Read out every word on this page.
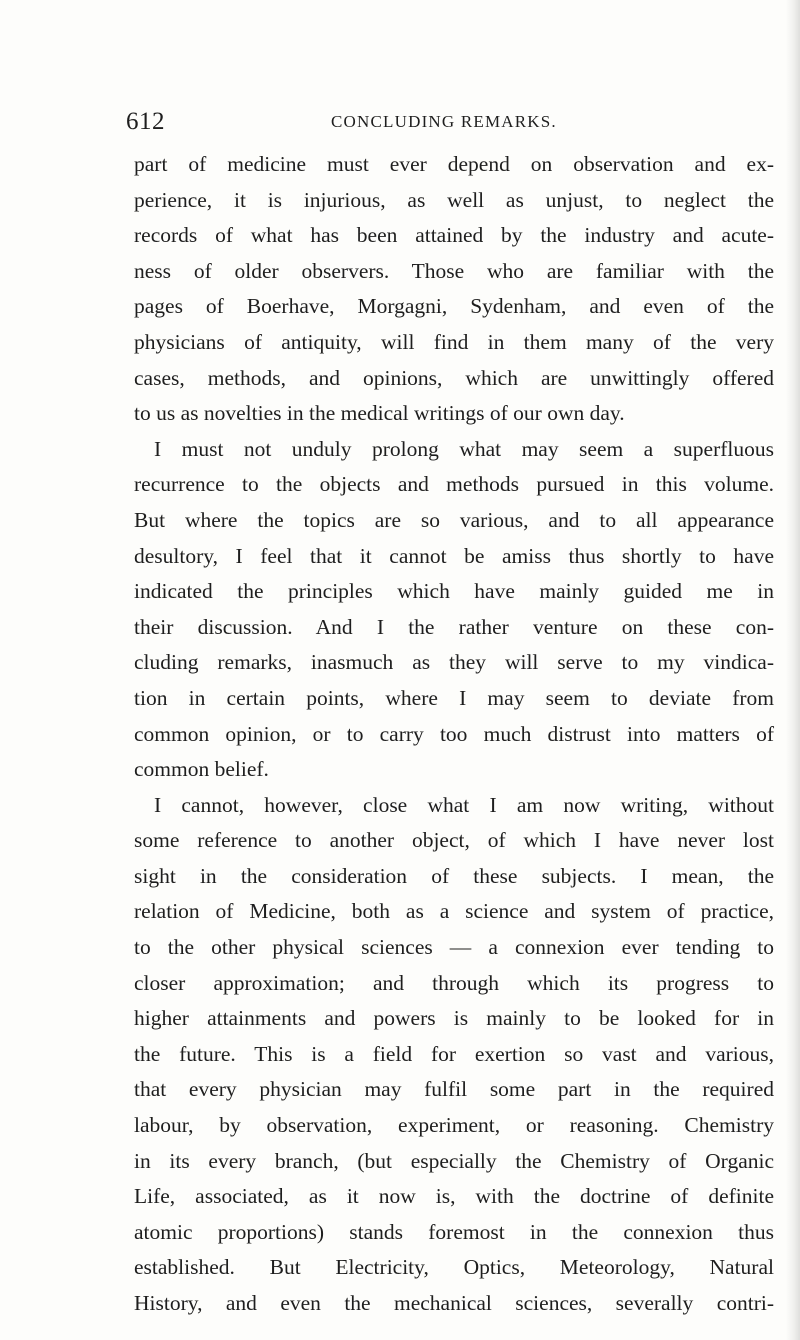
612	CONCLUDING REMARKS.
part of medicine must ever depend on observation and ex-
perience, it is injurious, as well as unjust, to neglect the
records of what has been attained by the industry and acute-
ness of older observers. Those who are familiar with the
pages of Boerhave, Morgagni, Sydenham, and even of the
physicians of antiquity, will find in them many of the very
cases, methods, and opinions, which are unwittingly offered
to us as novelties in the medical writings of our own day.
I must not unduly prolong what may seem a superfluous
recurrence to the objects and methods pursued in this volume.
But where the topics are so various, and to all appearance
desultory, I feel that it cannot be amiss thus shortly to have
indicated the principles which have mainly guided me in
their discussion. And I the rather venture on these con-
cluding remarks, inasmuch as they will serve to my vindica-
tion in certain points, where I may seem to deviate from
common opinion, or to carry too much distrust into matters of
common belief.
I cannot, however, close what I am now writing, without
some reference to another object, of which I have never lost
sight in the consideration of these subjects. I mean, the
relation of Medicine, both as a science and system of practice,
to the other physical sciences — a connexion ever tending to
closer approximation; and through which its progress to
higher attainments and powers is mainly to be looked for in
the future. This is a field for exertion so vast and various,
that every physician may fulfil some part in the required
labour, by observation, experiment, or reasoning. Chemistry
in its every branch, (but especially the Chemistry of Organic
Life, associated, as it now is, with the doctrine of definite
atomic proportions) stands foremost in the connexion thus
established. But Electricity, Optics, Meteorology, Natural
History, and even the mechanical sciences, severally contri-
